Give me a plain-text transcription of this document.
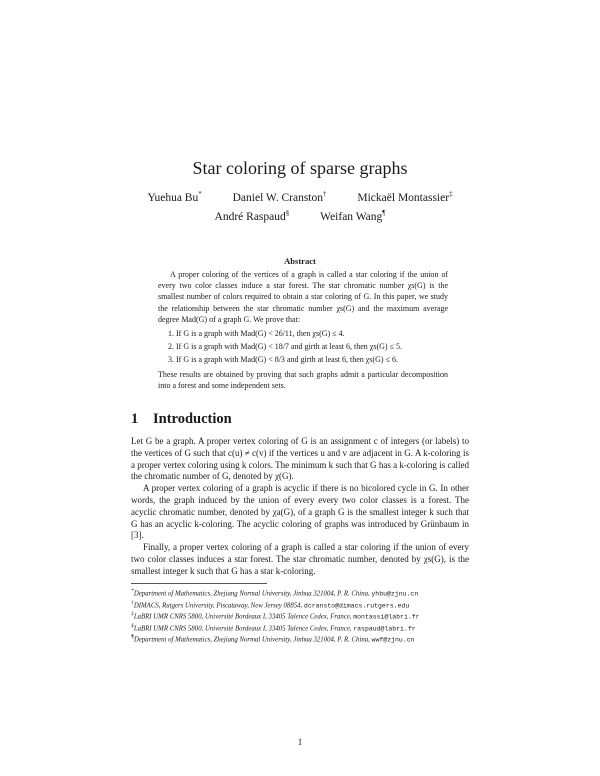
Star coloring of sparse graphs
Yuehua Bu*	Daniel W. Cranston†	Mickaël Montassier‡
André Raspaud§	Weifan Wang¶
Abstract

A proper coloring of the vertices of a graph is called a star coloring if the union of every two color classes induce a star forest. The star chromatic number χs(G) is the smallest number of colors required to obtain a star coloring of G. In this paper, we study the relationship between the star chromatic number χs(G) and the maximum average degree Mad(G) of a graph G. We prove that:

1. If G is a graph with Mad(G) < 26/11, then χs(G) ≤ 4.
2. If G is a graph with Mad(G) < 18/7 and girth at least 6, then χs(G) ≤ 5.
3. If G is a graph with Mad(G) < 8/3 and girth at least 6, then χs(G) ≤ 6.

These results are obtained by proving that such graphs admit a particular decomposition into a forest and some independent sets.

1 Introduction

Let G be a graph. A proper vertex coloring of G is an assignment c of integers (or labels) to the vertices of G such that c(u) ≠ c(v) if the vertices u and v are adjacent in G. A k-coloring is a proper vertex coloring using k colors. The minimum k such that G has a k-coloring is called the chromatic number of G, denoted by χ(G).

A proper vertex coloring of a graph is acyclic if there is no bicolored cycle in G. In other words, the graph induced by the union of every every two color classes is a forest. The acyclic chromatic number, denoted by χa(G), of a graph G is the smallest integer k such that G has an acyclic k-coloring. The acyclic coloring of graphs was introduced by Grünbaum in [3].

Finally, a proper vertex coloring of a graph is called a star coloring if the union of every two color classes induces a star forest. The star chromatic number, denoted by χs(G), is the smallest integer k such that G has a star k-coloring.

*Department of Mathematics, Zhejiang Normal University, Jinhua 321004, P. R. China, yhbu@zjnu.cn
†DIMACS, Rutgers University, Piscataway, New Jersey 08854, dcransto@dimacs.rutgers.edu
‡LaBRI UMR CNRS 5800, Université Bordeaux I, 33405 Talence Cedex, France, montassi@labri.fr
§LaBRI UMR CNRS 5800, Université Bordeaux I, 33405 Talence Cedex, France, raspaud@labri.fr
¶Department of Mathematics, Zhejiang Normal University, Jinhua 321004, P. R. China, wwf@zjnu.cn
1
